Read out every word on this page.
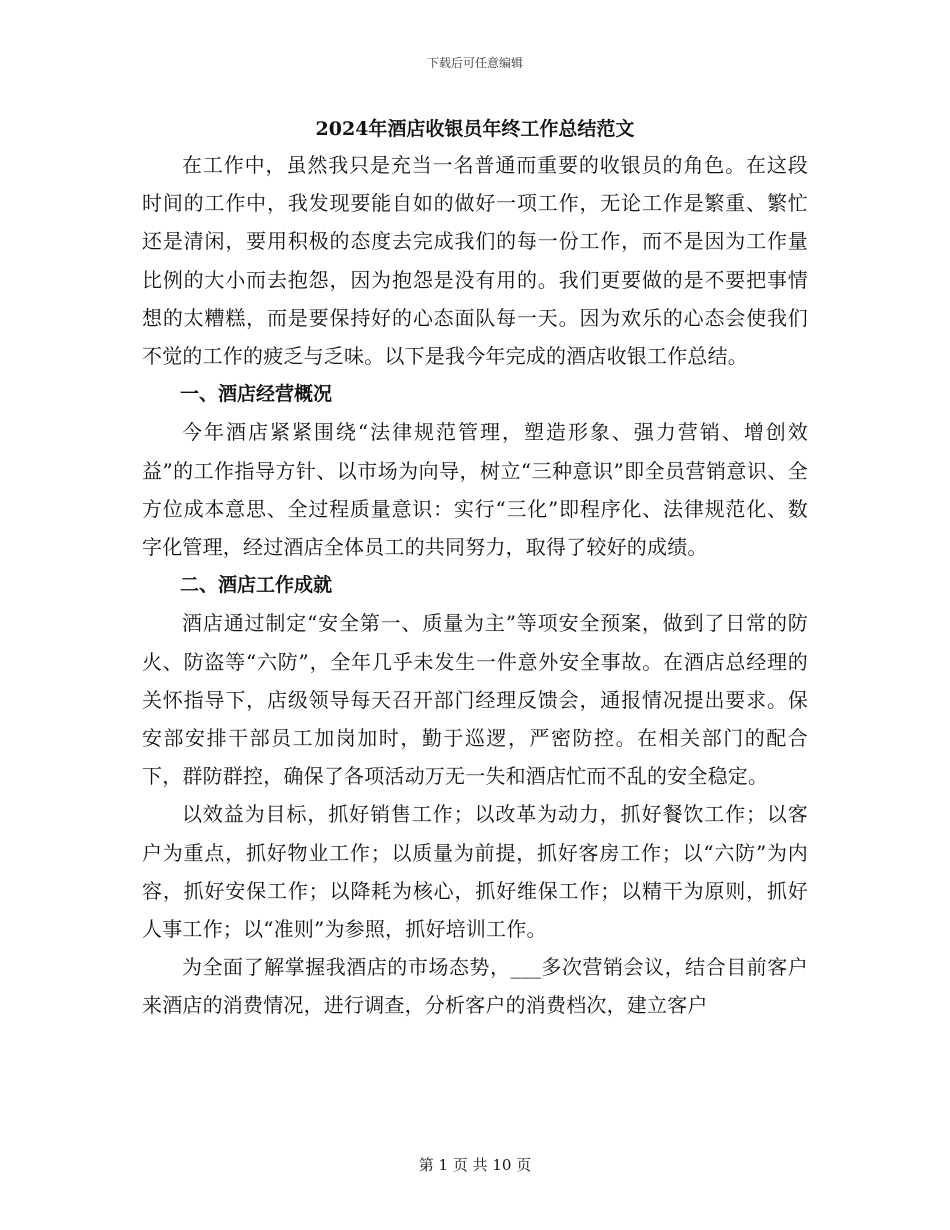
下载后可任意编辑
2024年酒店收银员年终工作总结范文

在工作中，虽然我只是充当一名普通而重要的收银员的角色。在这段时间的工作中，我发现要能自如的做好一项工作，无论工作是繁重、繁忙还是清闲，要用积极的态度去完成我们的每一份工作，而不是因为工作量比例的大小而去抱怨，因为抱怨是没有用的。我们更要做的是不要把事情想的太糟糕，而是要保持好的心态面队每一天。因为欢乐的心态会使我们不觉的工作的疲乏与乏味。以下是我今年完成的酒店收银工作总结。

一、酒店经营概况

今年酒店紧紧围绕“法律规范管理，塑造形象、强力营销、增创效益”的工作指导方针、以市场为向导，树立“三种意识”即全员营销意识、全方位成本意思、全过程质量意识：实行“三化”即程序化、法律规范化、数字化管理，经过酒店全体员工的共同努力，取得了较好的成绩。

二、酒店工作成就

酒店通过制定“安全第一、质量为主”等项安全预案，做到了日常的防火、防盗等“六防”，全年几乎未发生一件意外安全事故。在酒店总经理的关怀指导下，店级领导每天召开部门经理反馈会，通报情况提出要求。保安部安排干部员工加岗加时，勤于巡逻，严密防控。在相关部门的配合下，群防群控，确保了各项活动万无一失和酒店忙而不乱的安全稳定。

以效益为目标，抓好销售工作；以改革为动力，抓好餐饮工作；以客户为重点，抓好物业工作；以质量为前提，抓好客房工作；以“六防”为内容，抓好安保工作；以降耗为核心，抓好维保工作；以精干为原则，抓好人事工作；以“准则”为参照，抓好培训工作。

为全面了解掌握我酒店的市场态势，___多次营销会议，结合目前客户来酒店的消费情况，进行调查，分析客户的消费档次，建立客户

第 1 页 共 10 页
